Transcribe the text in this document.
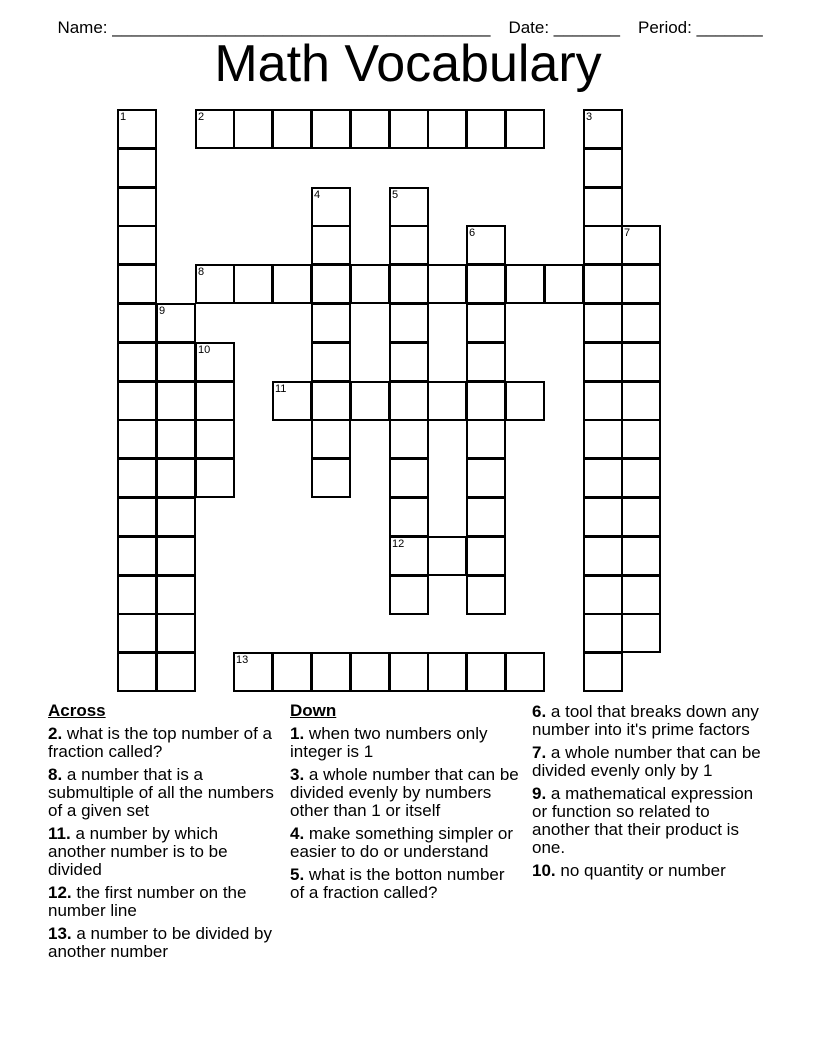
Name: ________________________________________ Date: _______ Period: _______

Math Vocabulary
1	2	3
4	5
6	7
8
9
10
11
12
13
Across
2. what is the top number of a fraction called?
8. a number that is a submultiple of all the numbers of a given set
11. a number by which another number is to be divided
12. the first number on the number line
13. a number to be divided by another number
Down
1. when two numbers only integer is 1
3. a whole number that can be divided evenly by numbers other than 1 or itself
4. make something simpler or easier to do or understand
5. what is the botton number of a fraction called?
6. a tool that breaks down any number into it's prime factors
7. a whole number that can be divided evenly only by 1
9. a mathematical expression or function so related to another that their product is one.
10. no quantity or number
